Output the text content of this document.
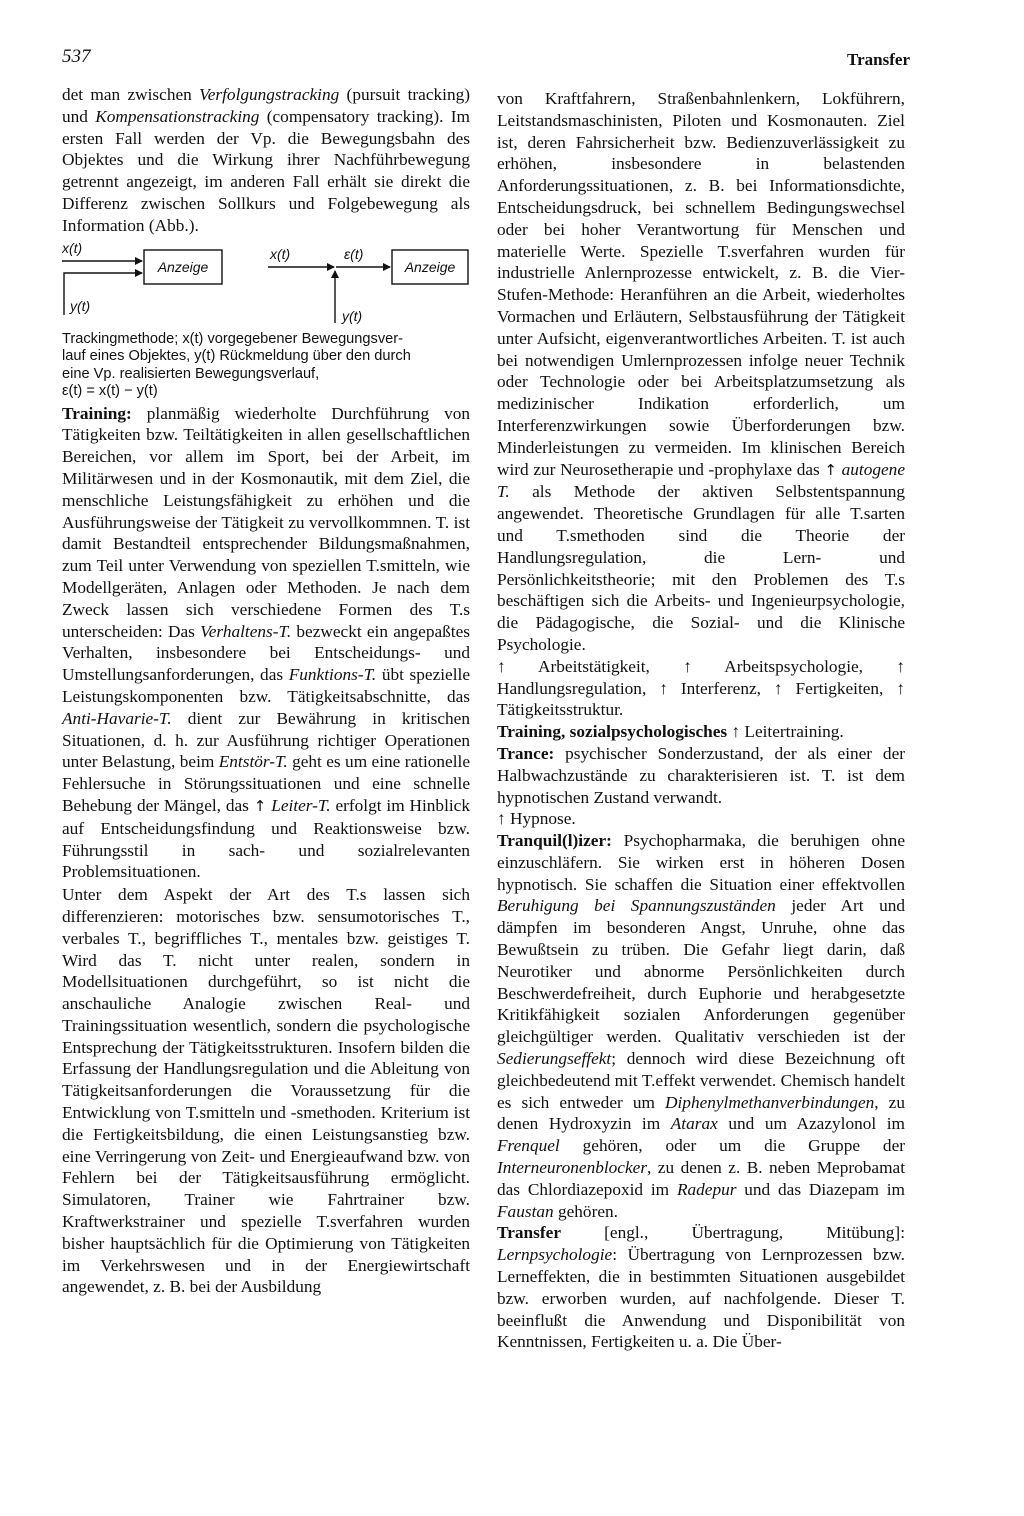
537	Transfer

det man zwischen Verfolgungstracking (pursuit tracking) und Kompensationstracking (compensatory tracking). Im ersten Fall werden der Vp. die Bewegungsbahn des Objektes und die Wirkung ihrer Nachführbewegung getrennt angezeigt, im anderen Fall erhält sie direkt die Differenz zwischen Sollkurs und Folgebewegung als Information (Abb.).

x(t)
Anzeige
y(t)
x(t)	ε(t)
Anzeige
y(t)
Trackingmethode; x(t) vorgegebener Bewegungsver-
lauf eines Objektes, y(t) Rückmeldung über den durch
eine Vp. realisierten Bewegungsverlauf,
ε(t) = x(t) − y(t)

Training: planmäßig wiederholte Durchführung von Tätigkeiten bzw. Teiltätigkeiten in allen gesellschaftlichen Bereichen, vor allem im Sport, bei der Arbeit, im Militärwesen und in der Kosmonautik, mit dem Ziel, die menschliche Leistungsfähigkeit zu erhöhen und die Ausführungsweise der Tätigkeit zu vervollkommnen. T. ist damit Bestandteil entsprechender Bildungsmaßnahmen, zum Teil unter Verwendung von speziellen T.smitteln, wie Modellgeräten, Anlagen oder Methoden. Je nach dem Zweck lassen sich verschiedene Formen des T.s unterscheiden: Das Verhaltens-T. bezweckt ein angepaßtes Verhalten, insbesondere bei Entscheidungs- und Umstellungsanforderungen, das Funktions-T. übt spezielle Leistungskomponenten bzw. Tätigkeitsabschnitte, das Anti-Havarie-T. dient zur Bewährung in kritischen Situationen, d. h. zur Ausführung richtiger Operationen unter Belastung, beim Entstör-T. geht es um eine rationelle Fehlersuche in Störungssituationen und eine schnelle Behebung der Mängel, das ↑ Leiter-T. erfolgt im Hinblick auf Entscheidungsfindung und Reaktionsweise bzw. Führungsstil in sach- und sozialrelevanten Problemsituationen.

Unter dem Aspekt der Art des T.s lassen sich differenzieren: motorisches bzw. sensumotorisches T., verbales T., begriffliches T., mentales bzw. geistiges T. Wird das T. nicht unter realen, sondern in Modellsituationen durchgeführt, so ist nicht die anschauliche Analogie zwischen Real- und Trainingssituation wesentlich, sondern die psychologische Entsprechung der Tätigkeitsstrukturen. Insofern bilden die Erfassung der Handlungsregulation und die Ableitung von Tätigkeitsanforderungen die Voraussetzung für die Entwicklung von T.smitteln und -smethoden. Kriterium ist die Fertigkeitsbildung, die einen Leistungsanstieg bzw. eine Verringerung von Zeit- und Energieaufwand bzw. von Fehlern bei der Tätigkeitsausführung ermöglicht. Simulatoren, Trainer wie Fahrtrainer bzw. Kraftwerkstrainer und spezielle T.sverfahren wurden bisher hauptsächlich für die Optimierung von Tätigkeiten im Verkehrswesen und in der Energiewirtschaft angewendet, z. B. bei der Ausbildung

von Kraftfahrern, Straßenbahnlenkern, Lokführern, Leitstandsmaschinisten, Piloten und Kosmonauten. Ziel ist, deren Fahrsicherheit bzw. Bedienzuverlässigkeit zu erhöhen, insbesondere in belastenden Anforderungssituationen, z. B. bei Informationsdichte, Entscheidungsdruck, bei schnellem Bedingungswechsel oder bei hoher Verantwortung für Menschen und materielle Werte. Spezielle T.sverfahren wurden für industrielle Anlernprozesse entwickelt, z. B. die Vier-Stufen-Methode: Heranführen an die Arbeit, wiederholtes Vormachen und Erläutern, Selbstausführung der Tätigkeit unter Aufsicht, eigenverantwortliches Arbeiten. T. ist auch bei notwendigen Umlernprozessen infolge neuer Technik oder Technologie oder bei Arbeitsplatzumsetzung als medizinischer Indikation erforderlich, um Interferenzwirkungen sowie Überforderungen bzw. Minderleistungen zu vermeiden. Im klinischen Bereich wird zur Neurosetherapie und -prophylaxe das ↑ autogene T. als Methode der aktiven Selbstentspannung angewendet. Theoretische Grundlagen für alle T.sarten und T.smethoden sind die Theorie der Handlungsregulation, die Lern- und Persönlichkeitstheorie; mit den Problemen des T.s beschäftigen sich die Arbeits- und Ingenieurpsychologie, die Pädagogische, die Sozial- und die Klinische Psychologie.

↑ Arbeitstätigkeit, ↑ Arbeitspsychologie, ↑ Handlungsregulation, ↑ Interferenz, ↑ Fertigkeiten, ↑ Tätigkeitsstruktur.

Training, sozialpsychologisches ↑ Leitertraining.

Trance: psychischer Sonderzustand, der als einer der Halbwachzustände zu charakterisieren ist. T. ist dem hypnotischen Zustand verwandt.

↑ Hypnose.

Tranquil(l)izer: Psychopharmaka, die beruhigen ohne einzuschläfern. Sie wirken erst in höheren Dosen hypnotisch. Sie schaffen die Situation einer effektvollen Beruhigung bei Spannungszuständen jeder Art und dämpfen im besonderen Angst, Unruhe, ohne das Bewußtsein zu trüben. Die Gefahr liegt darin, daß Neurotiker und abnorme Persönlichkeiten durch Beschwerdefreiheit, durch Euphorie und herabgesetzte Kritikfähigkeit sozialen Anforderungen gegenüber gleichgültiger werden. Qualitativ verschieden ist der Sedierungseffekt; dennoch wird diese Bezeichnung oft gleichbedeutend mit T.effekt verwendet. Chemisch handelt es sich entweder um Diphenylmethanverbindungen, zu denen Hydroxyzin im Atarax und um Azazylonol im Frenquel gehören, oder um die Gruppe der Interneuronenblocker, zu denen z. B. neben Meprobamat das Chlordiazepoxid im Radepur und das Diazepam im Faustan gehören.

Transfer [engl., Übertragung, Mitübung]: Lernpsychologie: Übertragung von Lernprozessen bzw. Lerneffekten, die in bestimmten Situationen ausgebildet bzw. erworben wurden, auf nachfolgende. Dieser T. beeinflußt die Anwendung und Disponibilität von Kenntnissen, Fertigkeiten u. a. Die Über-
